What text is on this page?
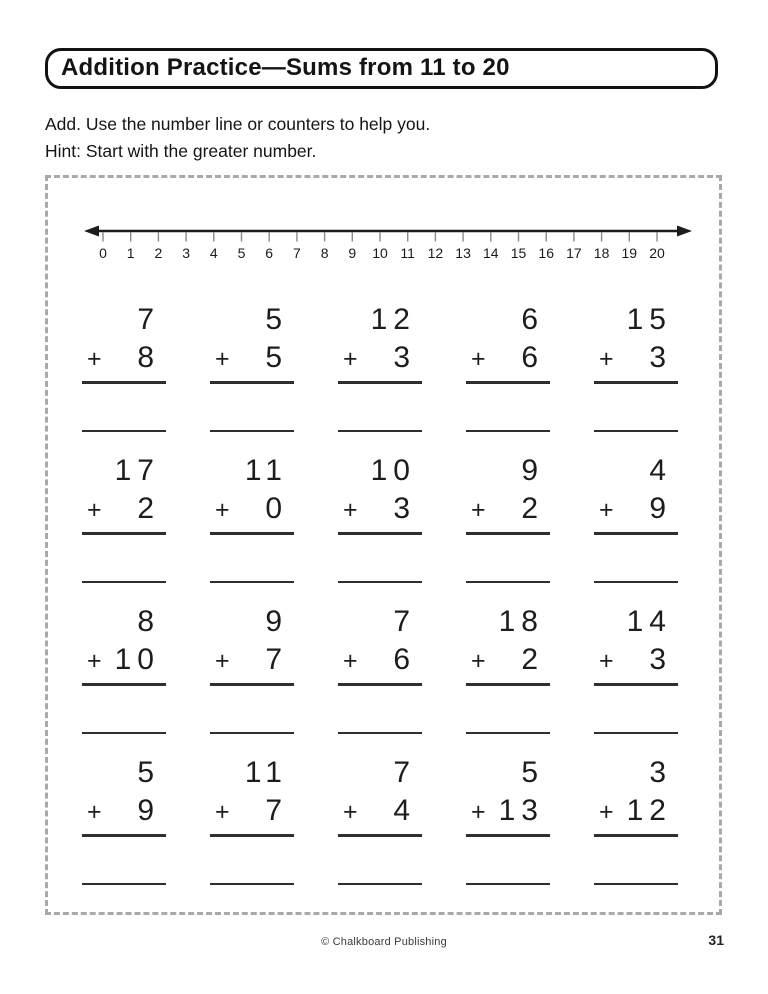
Addition Practice—Sums from 11 to 20
Add. Use the number line or counters to help you.
Hint: Start with the greater number.
0 1 2 3 4 5 6 7 8 9 10 11 12 13 14 15 16 17 18 19 20
7
+ 8
5
+ 5
12
+ 3
6
+ 6
15
+ 3
17
+ 2
11
+ 0
10
+ 3
9
+ 2
4
+ 9
8
+ 10
9
+ 7
7
+ 6
18
+ 2
14
+ 3
5
+ 9
11
+ 7
7
+ 4
5
+ 13
3
+ 12
© Chalkboard Publishing	31
